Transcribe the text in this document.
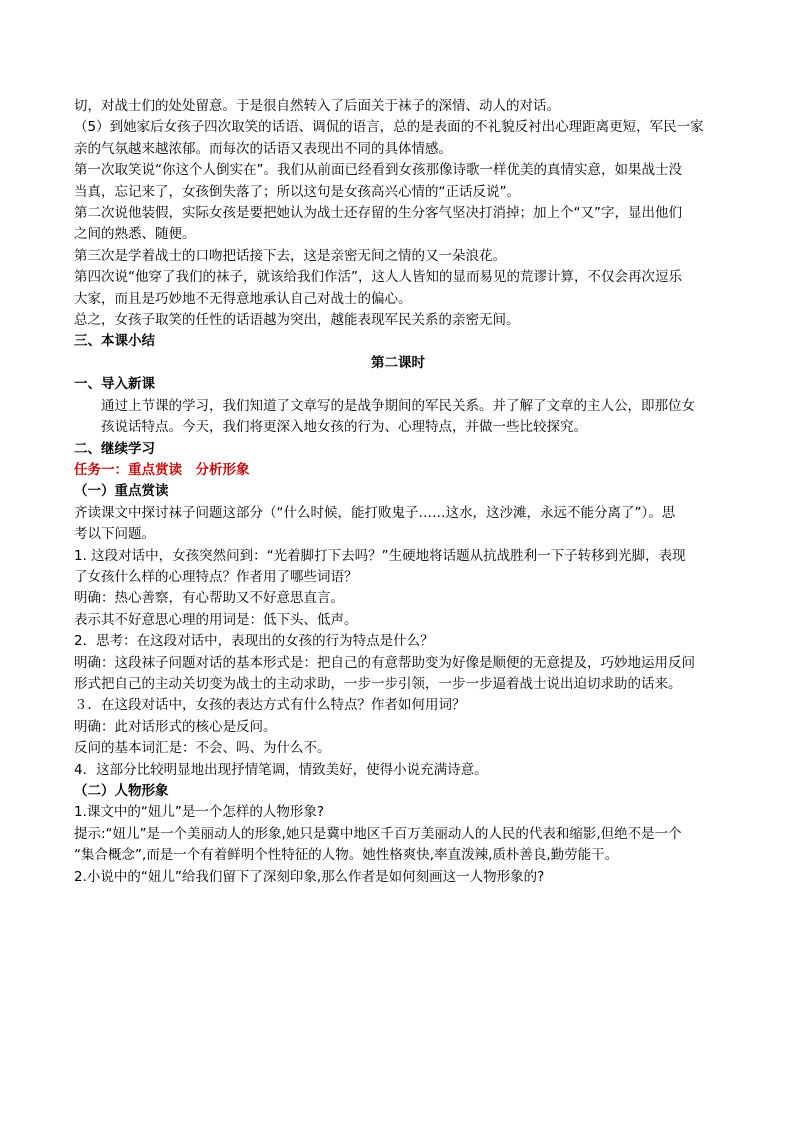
切，对战士们的处处留意。于是很自然转入了后面关于袜子的深情、动人的对话。
（5）到她家后女孩子四次取笑的话语、调侃的语言，总的是表面的不礼貌反衬出心理距离更短，军民一家
亲的气氛越来越浓郁。而每次的话语又表现出不同的具体情感。
第一次取笑说“你这个人倒实在”。我们从前面已经看到女孩那像诗歌一样优美的真情实意，如果战士没
当真，忘记来了，女孩倒失落了；所以这句是女孩高兴心情的“正话反说”。
第二次说他装假，实际女孩是要把她认为战士还存留的生分客气坚决打消掉；加上个“又”字，显出他们
之间的熟悉、随便。
第三次是学着战士的口吻把话接下去，这是亲密无间之情的又一朵浪花。
第四次说“他穿了我们的袜子，就该给我们作活”，这人人皆知的显而易见的荒谬计算，不仅会再次逗乐
大家，而且是巧妙地不无得意地承认自己对战士的偏心。
总之，女孩子取笑的任性的话语越为突出，越能表现军民关系的亲密无间。
三、本课小结
第二课时
一、导入新课
通过上节课的学习，我们知道了文章写的是战争期间的军民关系。并了解了文章的主人公，即那位女
孩说话特点。今天，我们将更深入地女孩的行为、心理特点，并做一些比较探究。
二、继续学习
任务一：重点赏读　分析形象
（一）重点赏读
齐读课文中探讨袜子问题这部分（“什么时候，能打败鬼子……这水，这沙滩，永远不能分离了”）。思
考以下问题。
1. 这段对话中，女孩突然问到：“光着脚打下去吗？”生硬地将话题从抗战胜利一下子转移到光脚，表现
了女孩什么样的心理特点？作者用了哪些词语？
明确：热心善察，有心帮助又不好意思直言。
表示其不好意思心理的用词是：低下头、低声。
2．思考：在这段对话中，表现出的女孩的行为特点是什么？
明确：这段袜子问题对话的基本形式是：把自己的有意帮助变为好像是顺便的无意提及，巧妙地运用反问
形式把自己的主动关切变为战士的主动求助，一步一步引领，一步一步逼着战士说出迫切求助的话来。
３．在这段对话中，女孩的表达方式有什么特点？作者如何用词？
明确：此对话形式的核心是反问。
反问的基本词汇是：不会、吗、为什么不。
4．这部分比较明显地出现抒情笔调，情致美好，使得小说充满诗意。
（二）人物形象
1.课文中的“妞儿”是一个怎样的人物形象?
提示:“妞儿”是一个美丽动人的形象,她只是冀中地区千百万美丽动人的人民的代表和缩影,但绝不是一个
“集合概念”,而是一个有着鲜明个性特征的人物。她性格爽快,率直泼辣,质朴善良,勤劳能干。
2.小说中的“妞儿”给我们留下了深刻印象,那么作者是如何刻画这一人物形象的?
